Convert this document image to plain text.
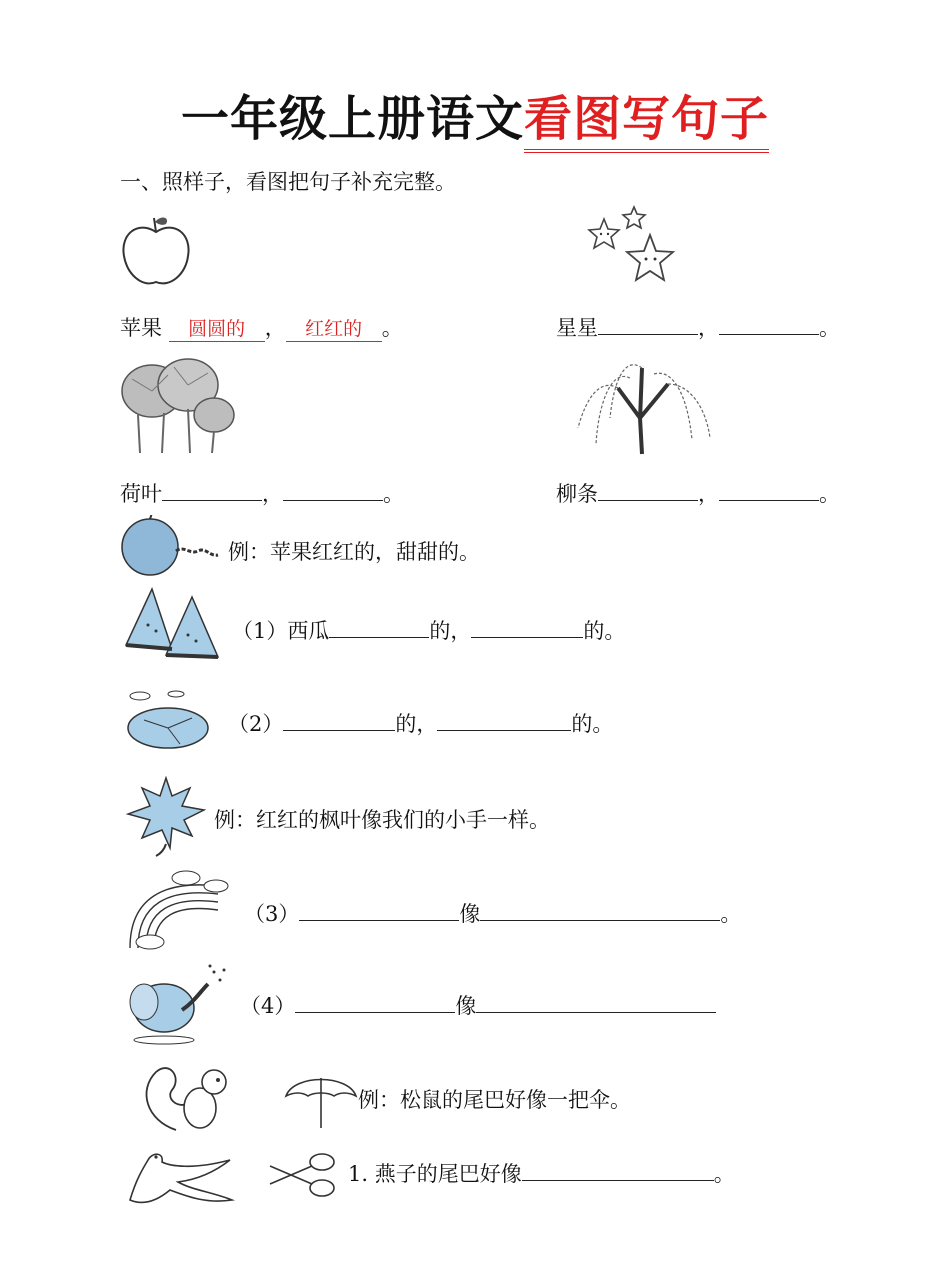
一年级上册语文看图写句子
一、照样子，看图把句子补充完整。
苹果 圆圆的 ， 红红的 。	星星	，	。
荷叶	，	。	柳条	，	。
例：苹果红红的，甜甜的。
（1）西瓜	的，	的。
（2）	的，	的。
例：红红的枫叶像我们的小手一样。
（3）	像	。
（4）	像
例：松鼠的尾巴好像一把伞。
1. 燕子的尾巴好像	。
